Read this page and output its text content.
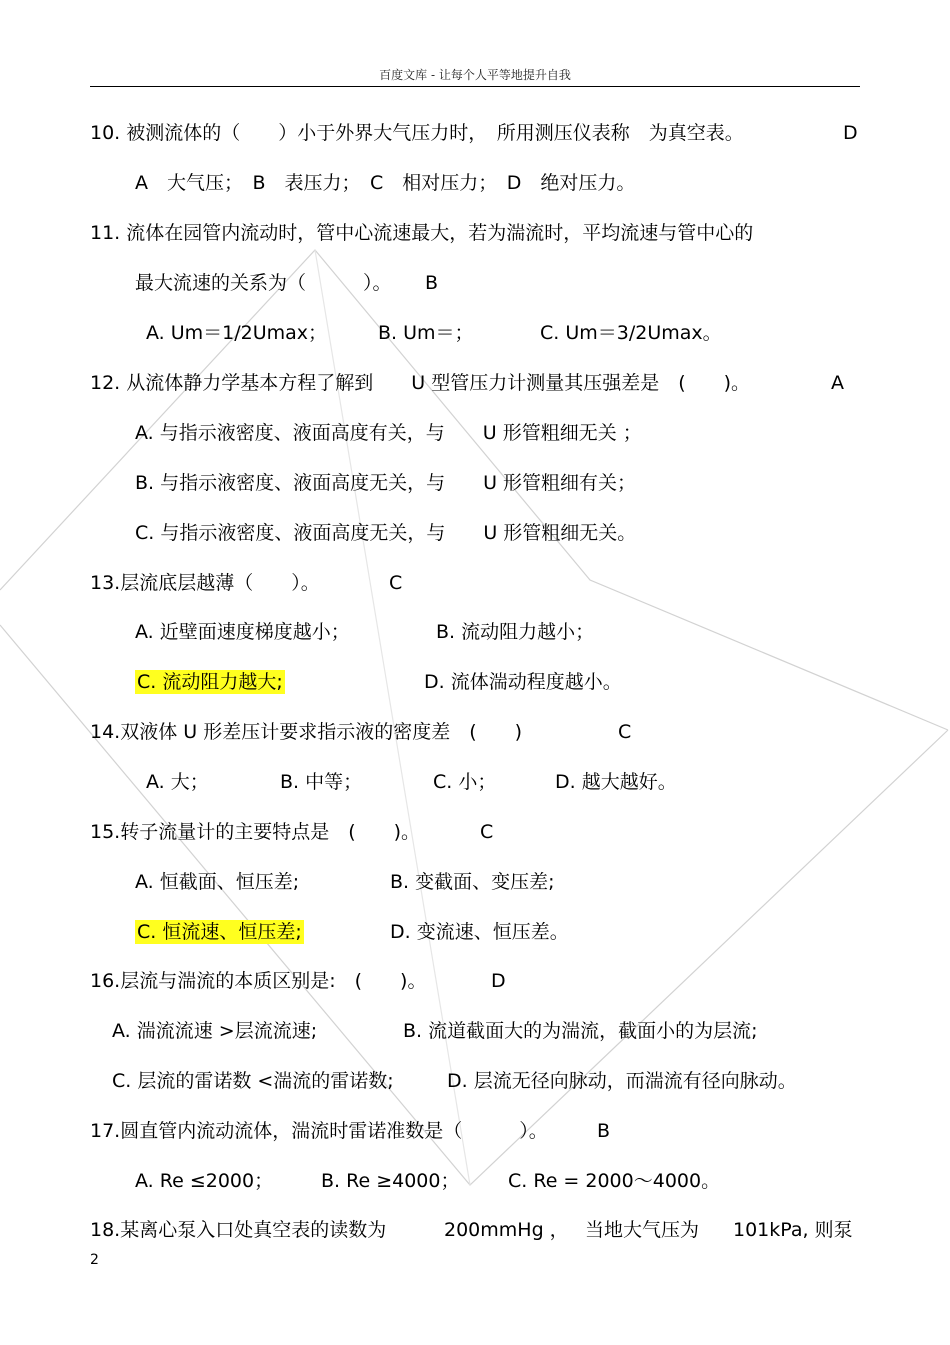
百度文库 - 让每个人平等地提升自我
10. 被测流体的（　　）小于外界大气压力时，　所用测压仪表称　为真空表。	D
A　大气压；　B　表压力；　C　相对压力；　D　绝对压力。
11. 流体在园管内流动时，管中心流速最大，若为湍流时，平均流速与管中心的
最大流速的关系为（　　　）。 B
A. Um＝1/2Umax；	B. Um＝；	C. Um＝3/2Umax。
12. 从流体静力学基本方程了解到　　U 型管压力计测量其压强差是　(　　)。	A
A. 与指示液密度、液面高度有关，与　　U 形管粗细无关 ；
B. 与指示液密度、液面高度无关，与　　U 形管粗细有关；
C. 与指示液密度、液面高度无关，与　　U 形管粗细无关。
13.层流底层越薄（　　）。	C
A. 近壁面速度梯度越小；	B. 流动阻力越小；
C. 流动阻力越大;	D. 流体湍动程度越小。
14.双液体 U 形差压计要求指示液的密度差　(　　)	C
A. 大；	B. 中等；	C. 小；	D. 越大越好。
15.转子流量计的主要特点是　(　　)。	C
A. 恒截面、恒压差;	B. 变截面、变压差;
C. 恒流速、恒压差;	D. 变流速、恒压差。
16.层流与湍流的本质区别是:　(　　)。	D
A. 湍流流速 >层流流速;	B. 流道截面大的为湍流，截面小的为层流;
C. 层流的雷诺数 <湍流的雷诺数;	D. 层流无径向脉动，而湍流有径向脉动。
17.圆直管内流动流体，湍流时雷诺准数是（　　　）。	B
A. Re ≤2000；	B. Re ≥4000；	C. Re = 2000～4000。
18.某离心泵入口处真空表的读数为	200mmHg ， 当地大气压为 101kPa, 则泵
2
